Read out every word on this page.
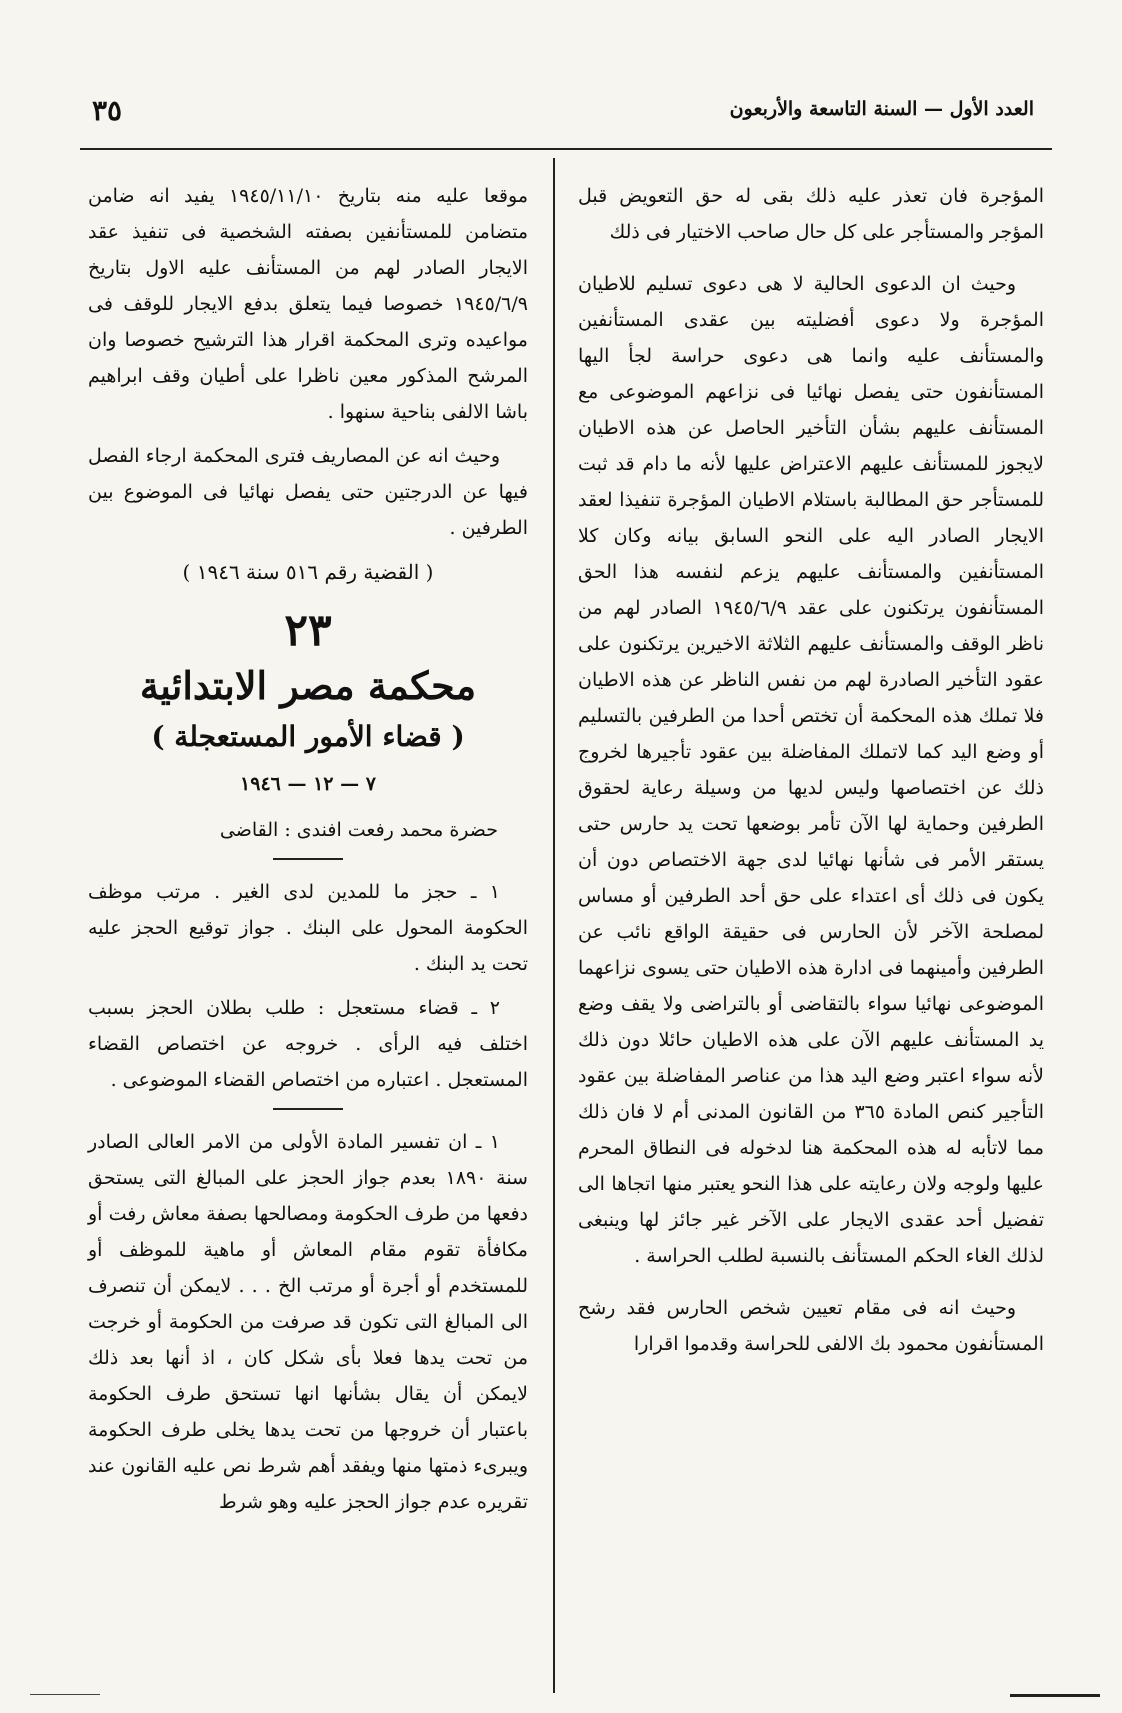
٣٥	العدد الأول — السنة التاسعة والأربعون

المؤجرة فان تعذر عليه ذلك بقى له حق التعويض قبل المؤجر والمستأجر على كل حال صاحب الاختيار فى ذلك

وحيث ان الدعوى الحالية لا هى دعوى تسليم للاطيان المؤجرة ولا دعوى أفضليته بين عقدى المستأنفين والمستأنف عليه وانما هى دعوى حراسة لجأ اليها المستأنفون حتى يفصل نهائيا فى نزاعهم الموضوعى مع المستأنف عليهم بشأن التأخير الحاصل عن هذه الاطيان لايجوز للمستأنف عليهم الاعتراض عليها لأنه ما دام قد ثبت للمستأجر حق المطالبة باستلام الاطيان المؤجرة تنفيذا لعقد الايجار الصادر اليه على النحو السابق بيانه وكان كلا المستأنفين والمستأنف عليهم يزعم لنفسه هذا الحق المستأنفون يرتكنون على عقد ١٩٤٥/٦/٩ الصادر لهم من ناظر الوقف والمستأنف عليهم الثلاثة الاخيرين يرتكنون على عقود التأخير الصادرة لهم من نفس الناظر عن هذه الاطيان فلا تملك هذه المحكمة أن تختص أحدا من الطرفين بالتسليم أو وضع اليد كما لاتملك المفاضلة بين عقود تأجيرها لخروج ذلك عن اختصاصها وليس لديها من وسيلة رعاية لحقوق الطرفين وحماية لها الآن تأمر بوضعها تحت يد حارس حتى يستقر الأمر فى شأنها نهائيا لدى جهة الاختصاص دون أن يكون فى ذلك أى اعتداء على حق أحد الطرفين أو مساس لمصلحة الآخر لأن الحارس فى حقيقة الواقع نائب عن الطرفين وأمينهما فى ادارة هذه الاطيان حتى يسوى نزاعهما الموضوعى نهائيا سواء بالتقاضى أو بالتراضى ولا يقف وضع يد المستأنف عليهم الآن على هذه الاطيان حائلا دون ذلك لأنه سواء اعتبر وضع اليد هذا من عناصر المفاضلة بين عقود التأجير كنص المادة ٣٦٥ من القانون المدنى أم لا فان ذلك مما لاتأبه له هذه المحكمة هنا لدخوله فى النطاق المحرم عليها ولوجه ولان رعايته على هذا النحو يعتبر منها اتجاها الى تفضيل أحد عقدى الايجار على الآخر غير جائز لها وينبغى لذلك الغاء الحكم المستأنف بالنسبة لطلب الحراسة .

وحيث انه فى مقام تعيين شخص الحارس فقد رشح المستأنفون محمود بك الالفى للحراسة وقدموا اقرارا

موقعا عليه منه بتاريخ ١٩٤٥/١١/١٠ يفيد انه ضامن متضامن للمستأنفين بصفته الشخصية فى تنفيذ عقد الايجار الصادر لهم من المستأنف عليه الاول بتاريخ ١٩٤٥/٦/٩ خصوصا فيما يتعلق بدفع الايجار للوقف فى مواعيده وترى المحكمة اقرار هذا الترشيح خصوصا وان المرشح المذكور معين ناظرا على أطيان وقف ابراهيم باشا الالفى بناحية سنهوا .

وحيث انه عن المصاريف فترى المحكمة ارجاء الفصل فيها عن الدرجتين حتى يفصل نهائيا فى الموضوع بين الطرفين .

( القضية رقم ٥١٦ سنة ١٩٤٦ )
٢٣
محكمة مصر الابتدائية
( قضاء الأمور المستعجلة )
٧ — ١٢ — ١٩٤٦
حضرة محمد رفعت افندى : القاضى

١ ـ حجز ما للمدين لدى الغير . مرتب موظف الحكومة المحول على البنك . جواز توقيع الحجز عليه تحت يد البنك .

٢ ـ قضاء مستعجل : طلب بطلان الحجز بسبب اختلف فيه الرأى . خروجه عن اختصاص القضاء المستعجل . اعتباره من اختصاص القضاء الموضوعى .

١ ـ ان تفسير المادة الأولى من الامر العالى الصادر سنة ١٨٩٠ بعدم جواز الحجز على المبالغ التى يستحق دفعها من طرف الحكومة ومصالحها بصفة معاش رفت أو مكافأة تقوم مقام المعاش أو ماهية للموظف أو للمستخدم أو أجرة أو مرتب الخ . . . لايمكن أن تنصرف الى المبالغ التى تكون قد صرفت من الحكومة أو خرجت من تحت يدها فعلا بأى شكل كان ، اذ أنها بعد ذلك لايمكن أن يقال بشأنها انها تستحق طرف الحكومة باعتبار أن خروجها من تحت يدها يخلى طرف الحكومة ويبرىء ذمتها منها ويفقد أهم شرط نص عليه القانون عند تقريره عدم جواز الحجز عليه وهو شرط
